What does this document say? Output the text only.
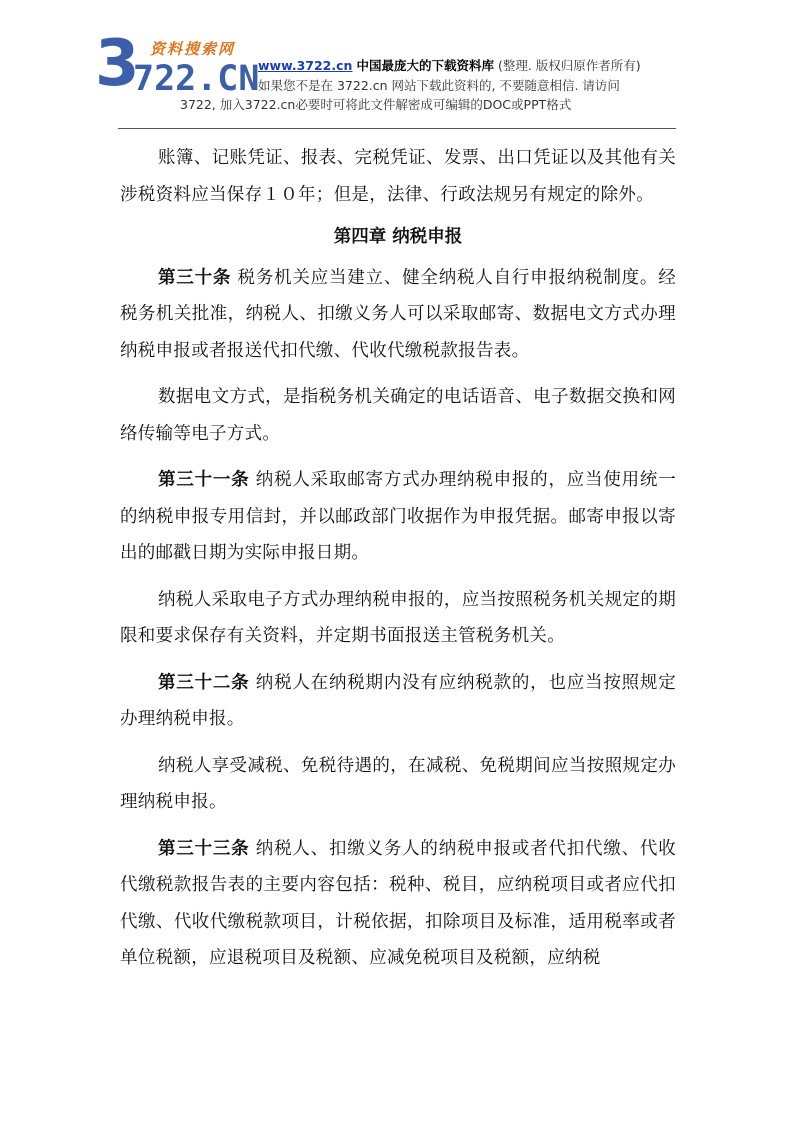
3 资料搜索网
722.CN
www.3722.cn 中国最庞大的下载资料库 (整理. 版权归原作者所有)
如果您不是在 3722.cn 网站下载此资料的, 不要随意相信. 请访问
3722, 加入3722.cn必要时可将此文件解密成可编辑的DOC或PPT格式

账簿、记账凭证、报表、完税凭证、发票、出口凭证以及其他有关涉税资料应当保存１０年；但是，法律、行政法规另有规定的除外。

第四章 纳税申报

第三十条 税务机关应当建立、健全纳税人自行申报纳税制度。经税务机关批准，纳税人、扣缴义务人可以采取邮寄、数据电文方式办理纳税申报或者报送代扣代缴、代收代缴税款报告表。

数据电文方式，是指税务机关确定的电话语音、电子数据交换和网络传输等电子方式。

第三十一条 纳税人采取邮寄方式办理纳税申报的，应当使用统一的纳税申报专用信封，并以邮政部门收据作为申报凭据。邮寄申报以寄出的邮戳日期为实际申报日期。

纳税人采取电子方式办理纳税申报的，应当按照税务机关规定的期限和要求保存有关资料，并定期书面报送主管税务机关。

第三十二条 纳税人在纳税期内没有应纳税款的，也应当按照规定办理纳税申报。

纳税人享受减税、免税待遇的，在减税、免税期间应当按照规定办理纳税申报。

第三十三条 纳税人、扣缴义务人的纳税申报或者代扣代缴、代收代缴税款报告表的主要内容包括：税种、税目，应纳税项目或者应代扣代缴、代收代缴税款项目，计税依据，扣除项目及标准，适用税率或者单位税额，应退税项目及税额、应减免税项目及税额，应纳税
